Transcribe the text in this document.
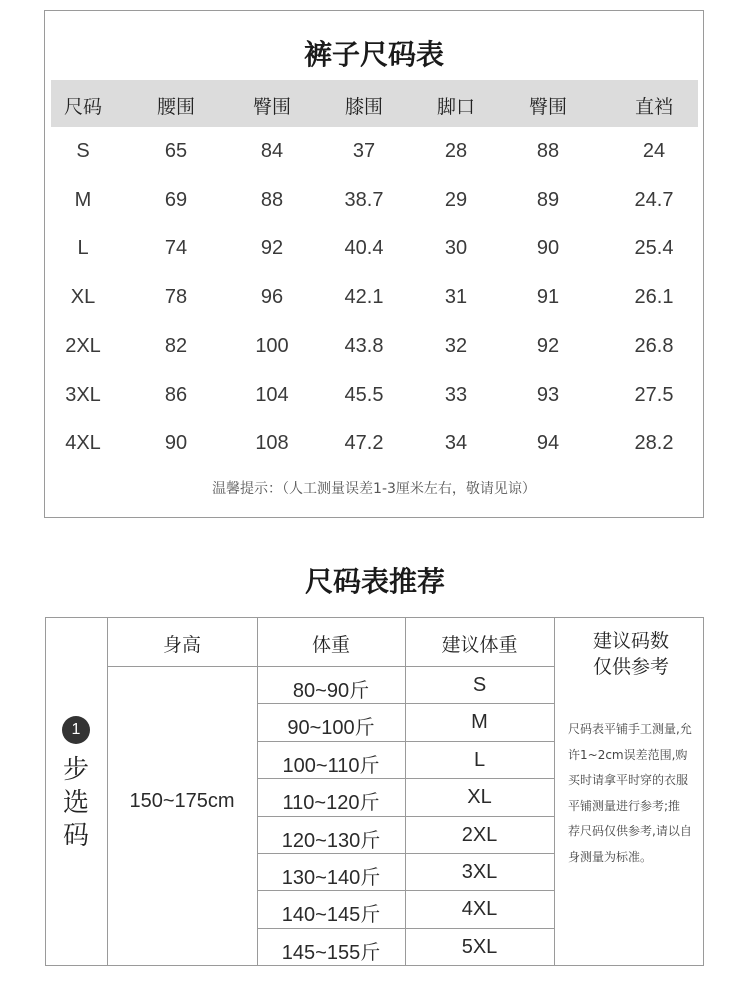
裤子尺码表
尺码	腰围	臀围	膝围	脚口	臀围	直裆
S	65	84	37	28	88	24
M	69	88	38.7	29	89	24.7
L	74	92	40.4	30	90	25.4
XL	78	96	42.1	31	91	26.1
2XL	82	100	43.8	32	92	26.8
3XL	86	104	45.5	33	93	27.5
4XL	90	108	47.2	34	94	28.2
温馨提示：（人工测量误差1-3厘米左右，敬请见谅）
尺码表推荐
1
步选码
身高	体重	建议体重
150~175cm
建议码数
仅供参考
尺码表平铺手工测量,允许1~2cm误差范围,购买时请拿平时穿的衣服平铺测量进行参考;推荐尺码仅供参考,请以自身测量为标准。
80~90斤	S
90~100斤	M
100~110斤	L
110~120斤	XL
120~130斤	2XL
130~140斤	3XL
140~145斤	4XL
145~155斤	5XL
